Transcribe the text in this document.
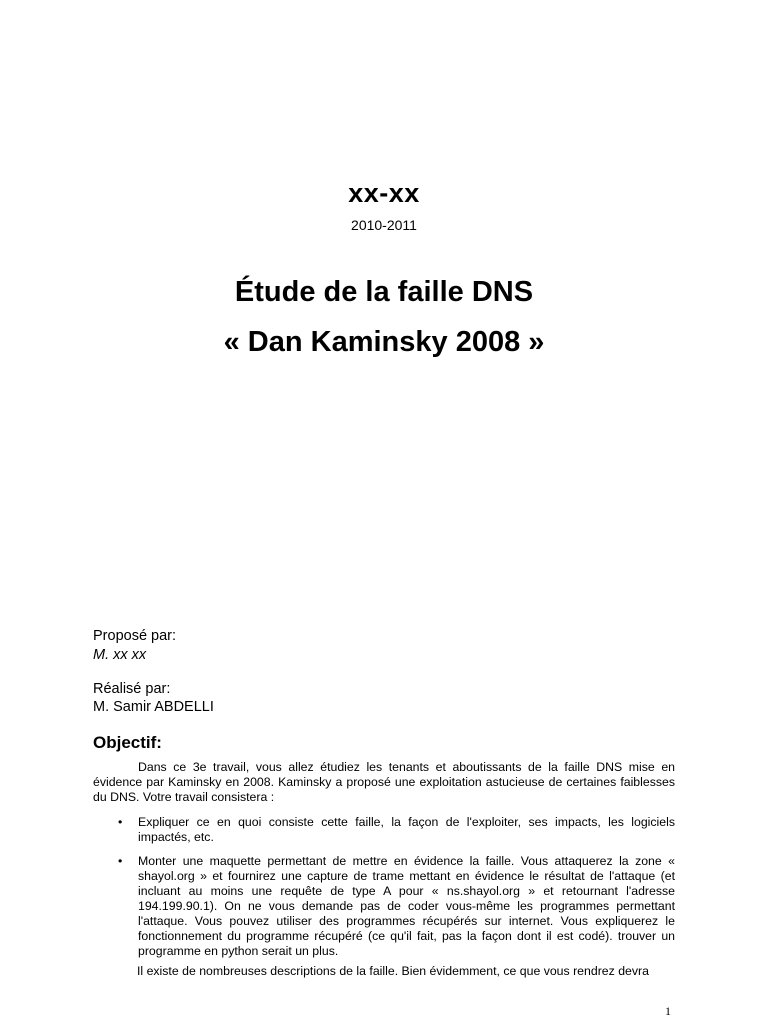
xx-xx
2010-2011
Étude de la faille DNS
« Dan Kaminsky 2008 »
Proposé par:
M. xx xx
Réalisé par:
M. Samir ABDELLI
Objectif:
Dans ce 3e travail, vous allez étudiez les tenants et aboutissants de la faille DNS mise en évidence par Kaminsky en 2008. Kaminsky a proposé une exploitation astucieuse de certaines faiblesses du DNS. Votre travail consistera :
• Expliquer ce en quoi consiste cette faille, la façon de l'exploiter, ses impacts, les logiciels impactés, etc.
• Monter une maquette permettant de mettre en évidence la faille. Vous attaquerez la zone « shayol.org » et fournirez une capture de trame mettant en évidence le résultat de l'attaque (et incluant au moins une requête de type A pour « ns.shayol.org » et retournant l'adresse 194.199.90.1). On ne vous demande pas de coder vous-même les programmes permettant l'attaque. Vous pouvez utiliser des programmes récupérés sur internet. Vous expliquerez le fonctionnement du programme récupéré (ce qu'il fait, pas la façon dont il est codé). trouver un programme en python serait un plus.
Il existe de nombreuses descriptions de la faille. Bien évidemment, ce que vous rendrez devra
1
